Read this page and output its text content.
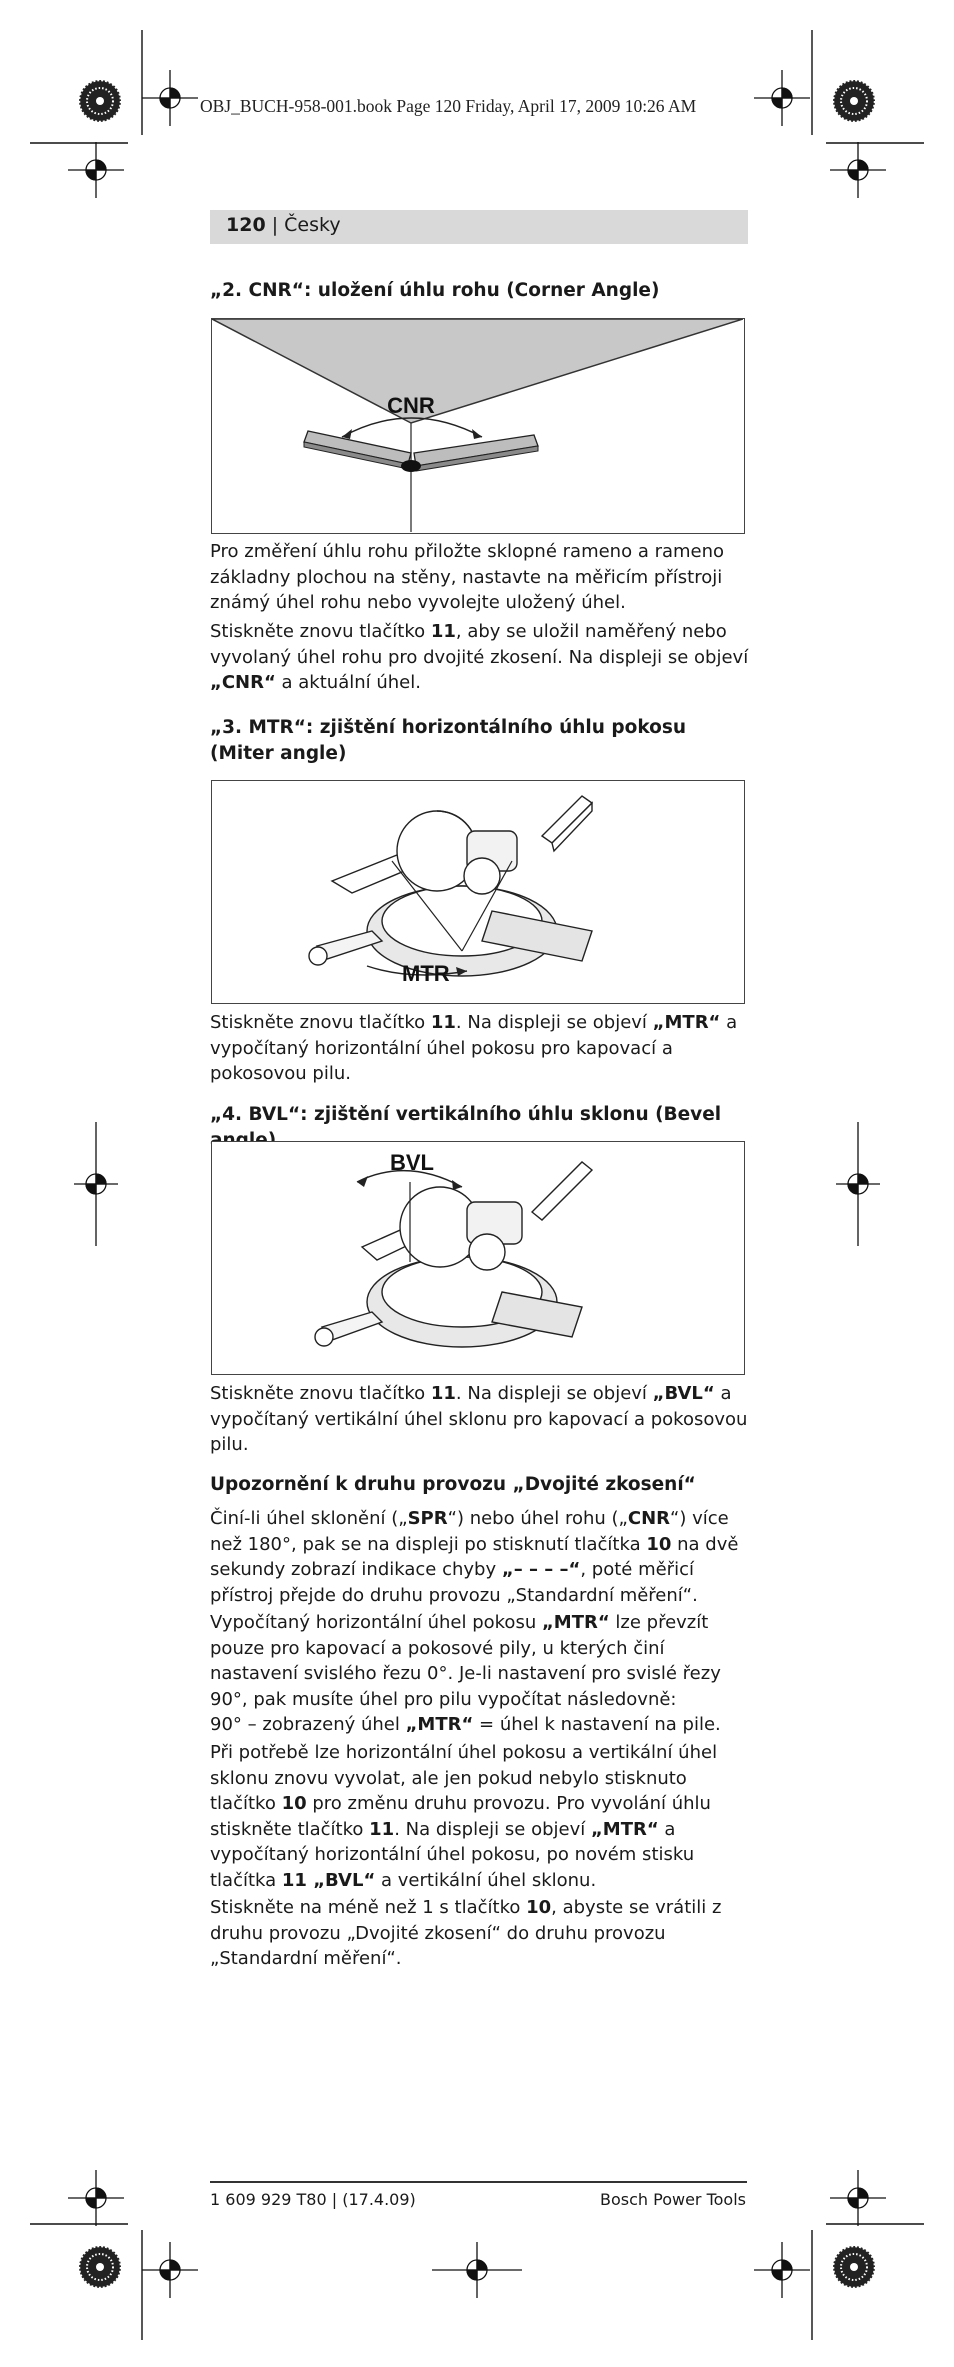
OBJ_BUCH-958-001.book Page 120 Friday, April 17, 2009 10:26 AM
120 | Česky
„2. CNR“: uložení úhlu rohu (Corner Angle)
CNR
Pro změření úhlu rohu přiložte sklopné rameno a rameno základny plochou na stěny, nastavte na měřicím přístroji známý úhel rohu nebo vyvolejte uložený úhel.
Stiskněte znovu tlačítko 11, aby se uložil naměřený nebo vyvolaný úhel rohu pro dvojité zkosení. Na displeji se objeví „CNR“ a aktuální úhel.
„3. MTR“: zjištění horizontálního úhlu pokosu
(Miter angle)
MTR
Stiskněte znovu tlačítko 11. Na displeji se objeví „MTR“ a vypočítaný horizontální úhel pokosu pro kapovací a pokosovou pilu.
„4. BVL“: zjištění vertikálního úhlu sklonu (Bevel
BVL
Stiskněte znovu tlačítko 11. Na displeji se objeví „BVL“ a vypočítaný vertikální úhel sklonu pro kapovací a pokosovou pilu.
Upozornění k druhu provozu „Dvojité zkosení“
Činí-li úhel sklonění („SPR“) nebo úhel rohu („CNR“) více než 180°, pak se na displeji po stisknutí tlačítka 10 na dvě sekundy zobrazí indikace chyby „– – – –“, poté měřicí přístroj přejde do druhu provozu „Standardní měření“.
Vypočítaný horizontální úhel pokosu „MTR“ lze převzít pouze pro kapovací a pokosové pily, u kterých činí nastavení svislého řezu 0°. Je-li nastavení pro svislé řezy 90°, pak musíte úhel pro pilu vypočítat následovně:
90° – zobrazený úhel „MTR“ = úhel k nastavení na pile.
Při potřebě lze horizontální úhel pokosu a vertikální úhel sklonu znovu vyvolat, ale jen pokud nebylo stisknuto tlačítko 10 pro změnu druhu provozu. Pro vyvolání úhlu stiskněte tlačítko 11. Na displeji se objeví „MTR“ a vypočítaný horizontální úhel pokosu, po novém stisku tlačítka 11 „BVL“ a vertikální úhel sklonu.
Stiskněte na méně než 1 s tlačítko 10, abyste se vrátili z druhu provozu „Dvojité zkosení“ do druhu provozu „Standardní měření“.
1 609 929 T80 | (17.4.09)	Bosch Power Tools
